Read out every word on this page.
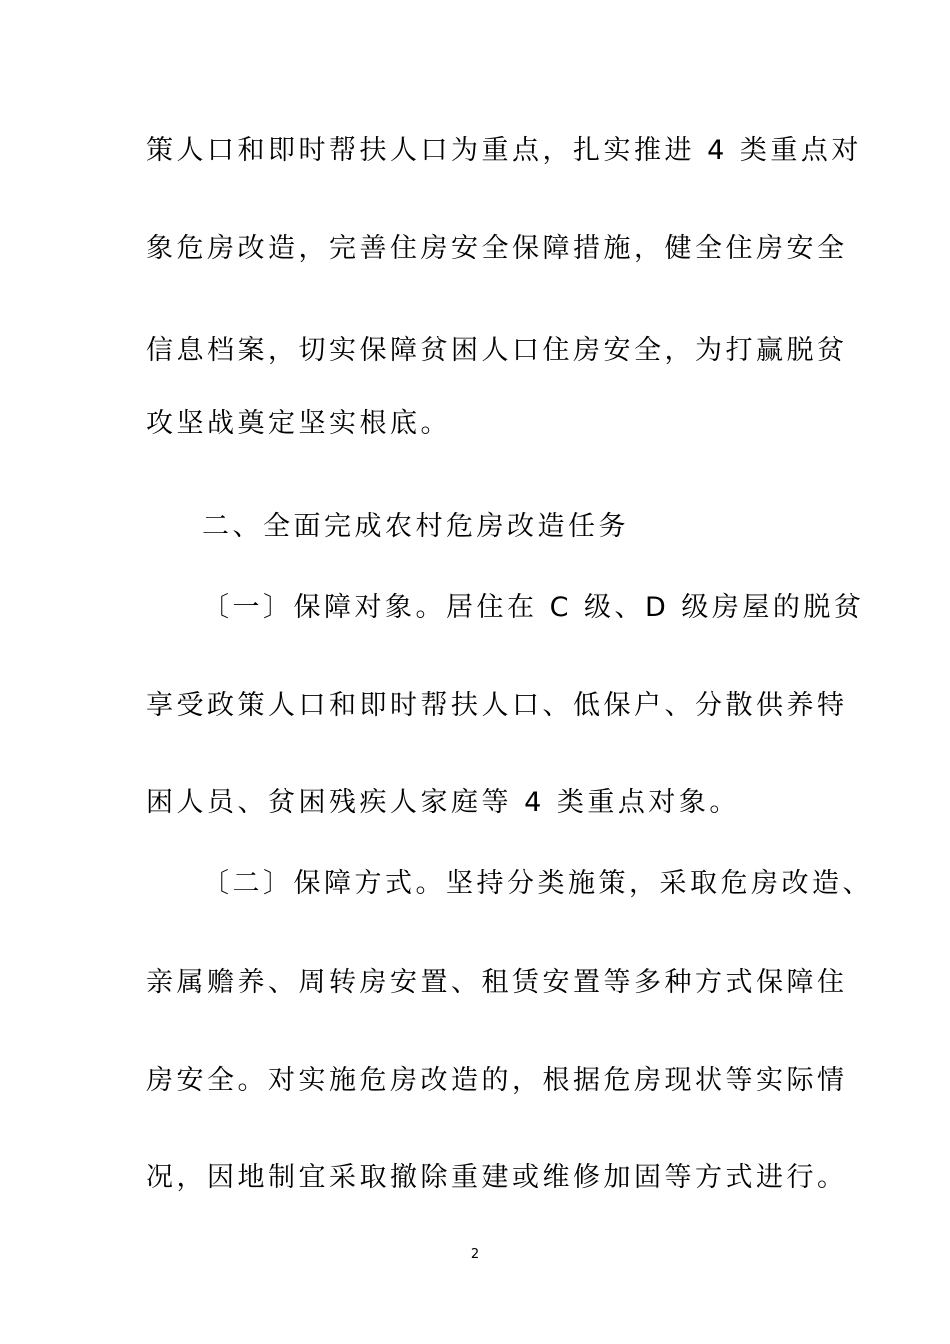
策人口和即时帮扶人口为重点，扎实推进 4 类重点对
象危房改造，完善住房安全保障措施，健全住房安全
信息档案，切实保障贫困人口住房安全，为打赢脱贫
攻坚战奠定坚实根底。
二、全面完成农村危房改造任务
〔一〕保障对象。居住在 C 级、D 级房屋的脱贫
享受政策人口和即时帮扶人口、低保户、分散供养特
困人员、贫困残疾人家庭等 4 类重点对象。
〔二〕保障方式。坚持分类施策，采取危房改造、
亲属赡养、周转房安置、租赁安置等多种方式保障住
房安全。对实施危房改造的，根据危房现状等实际情
况，因地制宜采取撤除重建或维修加固等方式进行。
2
